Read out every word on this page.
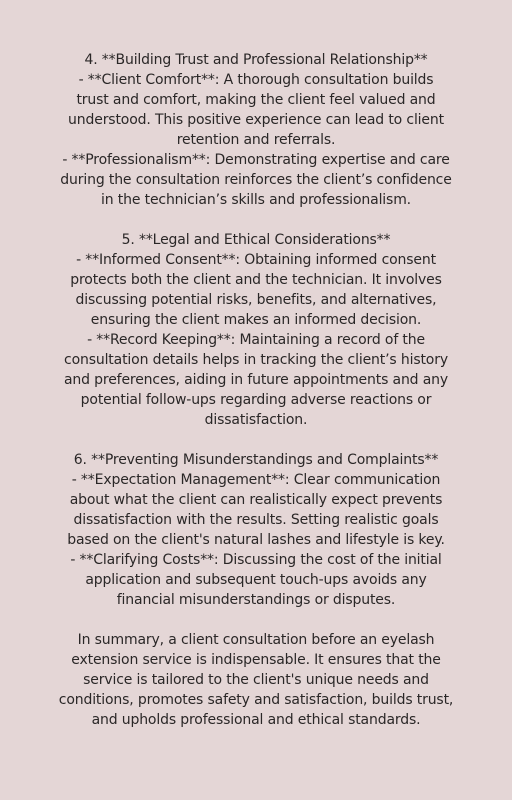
4. **Building Trust and Professional Relationship**
- **Client Comfort**: A thorough consultation builds
trust and comfort, making the client feel valued and
understood. This positive experience can lead to client
retention and referrals.
- **Professionalism**: Demonstrating expertise and care
during the consultation reinforces the client’s confidence
in the technician’s skills and professionalism.
5. **Legal and Ethical Considerations**
- **Informed Consent**: Obtaining informed consent
protects both the client and the technician. It involves
discussing potential risks, benefits, and alternatives,
ensuring the client makes an informed decision.
- **Record Keeping**: Maintaining a record of the
consultation details helps in tracking the client’s history
and preferences, aiding in future appointments and any
potential follow-ups regarding adverse reactions or
dissatisfaction.
6. **Preventing Misunderstandings and Complaints**
- **Expectation Management**: Clear communication
about what the client can realistically expect prevents
dissatisfaction with the results. Setting realistic goals
based on the client's natural lashes and lifestyle is key.
- **Clarifying Costs**: Discussing the cost of the initial
application and subsequent touch-ups avoids any
financial misunderstandings or disputes.
In summary, a client consultation before an eyelash
extension service is indispensable. It ensures that the
service is tailored to the client's unique needs and
conditions, promotes safety and satisfaction, builds trust,
and upholds professional and ethical standards.
